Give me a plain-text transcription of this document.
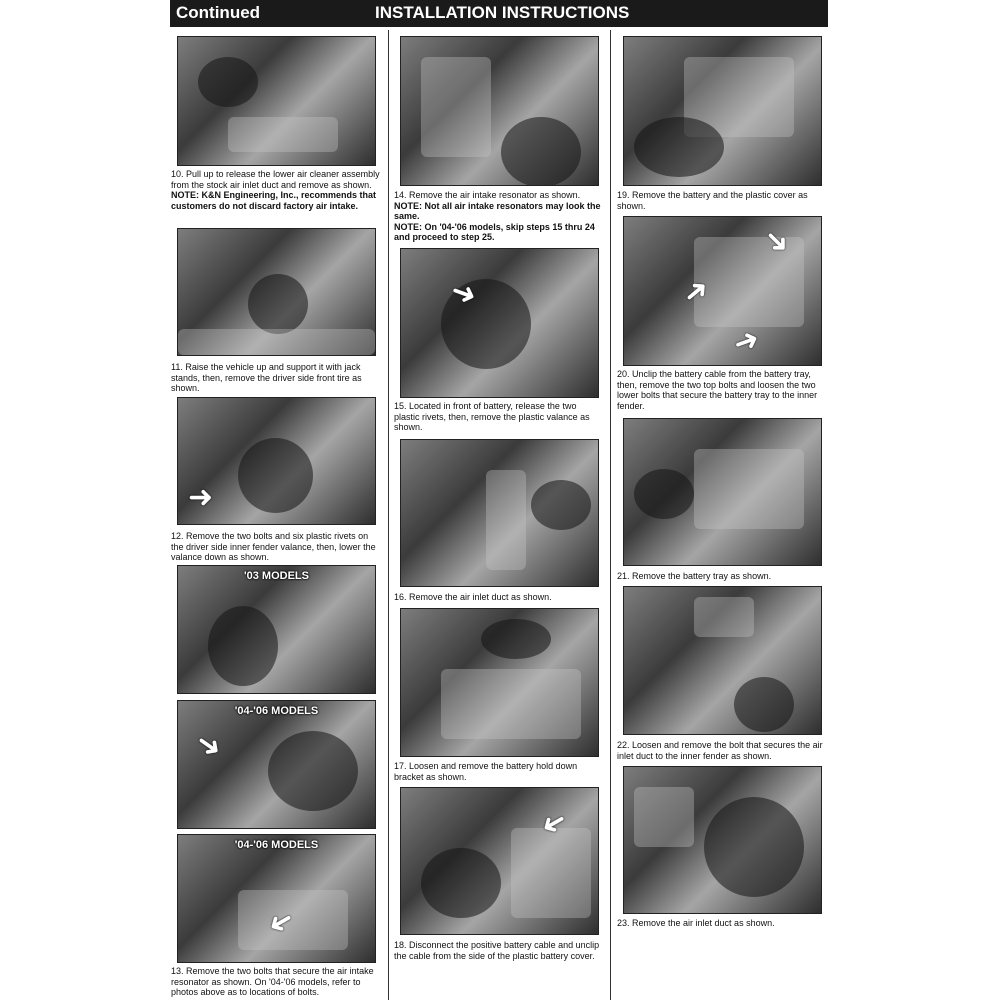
Continued	INSTALLATION INSTRUCTIONS
10. Pull up to release the lower air cleaner assembly from the stock air inlet duct and remove as shown.
NOTE: K&N Engineering, Inc., recommends that customers do not discard factory air intake.
11. Raise the vehicle up and support it with jack stands, then, remove the driver side front tire as shown.
➜
12. Remove the two bolts and six plastic rivets on the driver side inner fender valance, then, lower the valance down as shown.
'03 MODELS
'04-'06 MODELS
➜
'04-'06 MODELS
➜
13. Remove the two bolts that secure the air intake resonator as shown. On '04-'06 models, refer to photos above as to locations of bolts.
14. Remove the air intake resonator as shown.
NOTE: Not all air intake resonators may look the same.
NOTE: On '04-'06 models, skip steps 15 thru 24 and proceed to step 25.
➜
15. Located in front of battery, release the two plastic rivets, then, remove the plastic valance as shown.
16. Remove the air inlet duct as shown.
17. Loosen and remove the battery hold down bracket as shown.
➜
18. Disconnect the positive battery cable and unclip the cable from the side of the plastic battery cover.
19. Remove the battery and the plastic cover as shown.
➜
➜
➜
20. Unclip the battery cable from the battery tray, then, remove the two top bolts and loosen the two lower bolts that secure the battery tray to the inner fender.
21. Remove the battery tray as shown.
22. Loosen and remove the bolt that secures the air inlet duct to the inner fender as shown.
23. Remove the air inlet duct as shown.
